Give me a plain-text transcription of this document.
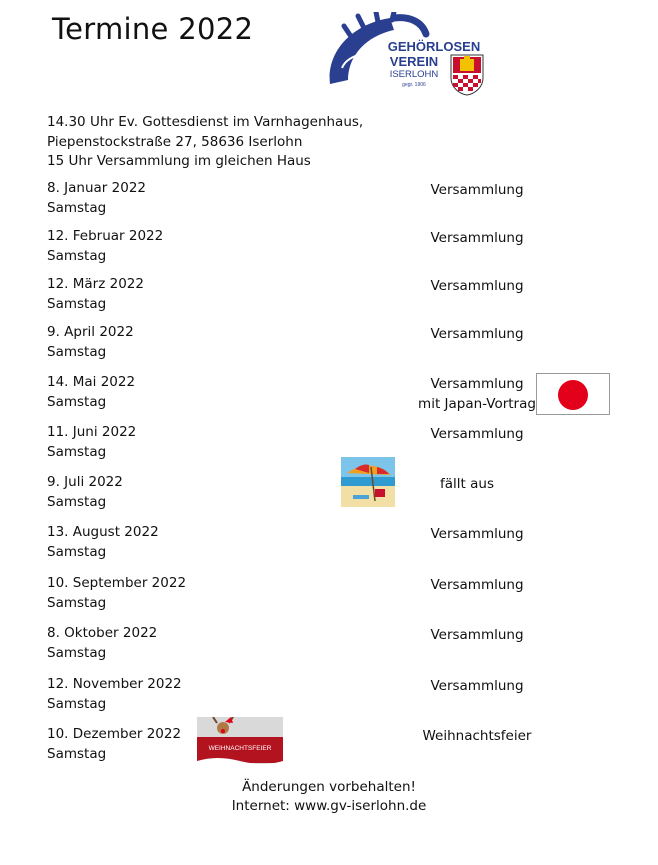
Termine 2022
GEHÖRLOSEN
VEREIN
ISERLOHN
gegr. 1906
14.30 Uhr Ev. Gottesdienst im Varnhagenhaus,
Piepenstockstraße 27, 58636 Iserlohn
15 Uhr Versammlung im gleichen Haus
8. Januar 2022
Samstag
Versammlung
12. Februar 2022
Samstag
Versammlung
12. März 2022
Samstag
Versammlung
9. April 2022
Samstag
Versammlung
14. Mai 2022
Samstag
Versammlung
mit Japan-Vortrag
11. Juni 2022
Samstag
Versammlung
9. Juli 2022
Samstag
fällt aus
13. August 2022
Samstag
Versammlung
10. September 2022
Samstag
Versammlung
8. Oktober 2022
Samstag
Versammlung
12. November 2022
Samstag
Versammlung
10. Dezember 2022
Samstag
Weihnachtsfeier
WEIHNACHTSFEIER
Änderungen vorbehalten!
Internet: www.gv-iserlohn.de
